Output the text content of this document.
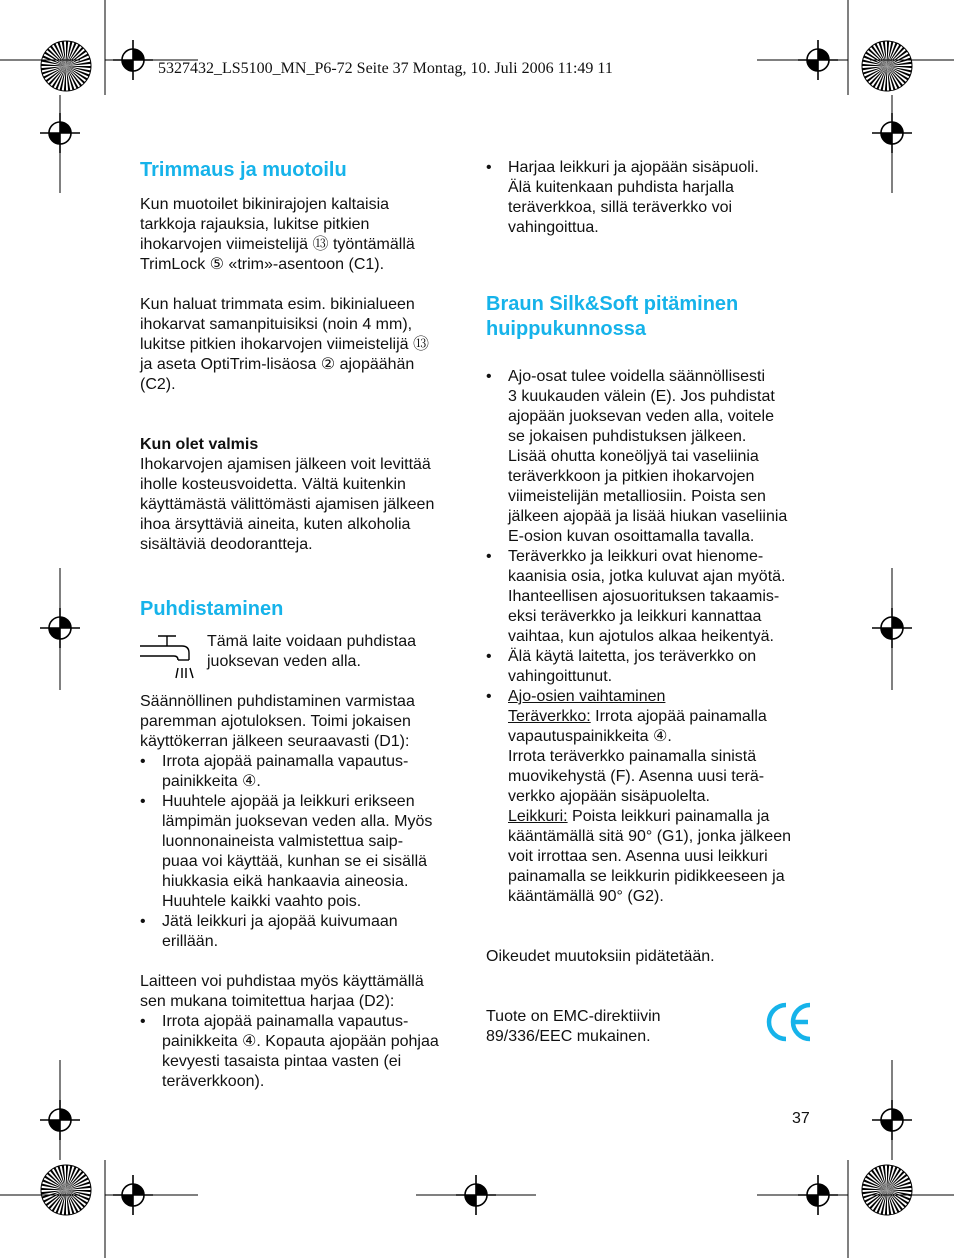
5327432_LS5100_MN_P6-72 Seite 37 Montag, 10. Juli 2006 11:49 11
Trimmaus ja muotoilu

Kun muotoilet bikinirajojen kaltaisia
tarkkoja rajauksia, lukitse pitkien
ihokarvojen viimeistelijä ⑬ työntämällä
TrimLock ⑤ «trim»-asentoon (C1).

Kun haluat trimmata esim. bikinialueen
ihokarvat samanpituisiksi (noin 4 mm),
lukitse pitkien ihokarvojen viimeistelijä ⑬
ja aseta OptiTrim-lisäosa ② ajopäähän
(C2).

Kun olet valmis

Ihokarvojen ajamisen jälkeen voit levittää
iholle kosteusvoidetta. Vältä kuitenkin
käyttämästä välittömästi ajamisen jälkeen
ihoa ärsyttäviä aineita, kuten alkoholia
sisältäviä deodorantteja.

Puhdistaminen

Tämä laite voidaan puhdistaa
juoksevan veden alla.

Säännöllinen puhdistaminen varmistaa
paremman ajotuloksen. Toimi jokaisen
käyttökerran jälkeen seuraavasti (D1):

• Irrota ajopää painamalla vapautus-
painikkeita ④.
• Huuhtele ajopää ja leikkuri erikseen
lämpimän juoksevan veden alla. Myös
luonnonaineista valmistettua saip-
puaa voi käyttää, kunhan se ei sisällä
hiukkasia eikä hankaavia aineosia.
Huuhtele kaikki vaahto pois.
• Jätä leikkuri ja ajopää kuivumaan
erillään.

Laitteen voi puhdistaa myös käyttämällä
sen mukana toimitettua harjaa (D2):

• Irrota ajopää painamalla vapautus-
painikkeita ④. Kopauta ajopään pohjaa
kevyesti tasaista pintaa vasten (ei
teräverkkoon).
• Harjaa leikkuri ja ajopään sisäpuoli.
Älä kuitenkaan puhdista harjalla
teräverkkoa, sillä teräverkko voi
vahingoittua.
Braun Silk&Soft pitäminen
huippukunnossa
• Ajo-osat tulee voidella säännöllisesti
3 kuukauden välein (E). Jos puhdistat
ajopään juoksevan veden alla, voitele
se jokaisen puhdistuksen jälkeen.
Lisää ohutta koneöljyä tai vaseliinia
teräverkkoon ja pitkien ihokarvojen
viimeistelijän metalliosiin. Poista sen
jälkeen ajopää ja lisää hiukan vaseliinia
E-osion kuvan osoittamalla tavalla.
• Teräverkko ja leikkuri ovat hienome-
kaanisia osia, jotka kuluvat ajan myötä.
Ihanteellisen ajosuorituksen takaamis-
eksi teräverkko ja leikkuri kannattaa
vaihtaa, kun ajotulos alkaa heikentyä.
• Älä käytä laitetta, jos teräverkko on
vahingoittunut.
• Ajo-osien vaihtaminen
Teräverkko: Irrota ajopää painamalla
vapautuspainikkeita ④.
Irrota teräverkko painamalla sinistä
muovikehystä (F). Asenna uusi terä-
verkko ajopään sisäpuolelta.
Leikkuri: Poista leikkuri painamalla ja
kääntämällä sitä 90° (G1), jonka jälkeen
voit irrottaa sen. Asenna uusi leikkuri
painamalla se leikkurin pidikkeeseen ja
kääntämällä 90° (G2).

Oikeudet muutoksiin pidätetään.

Tuote on EMC-direktiivin
89/336/EEC mukainen.

37
